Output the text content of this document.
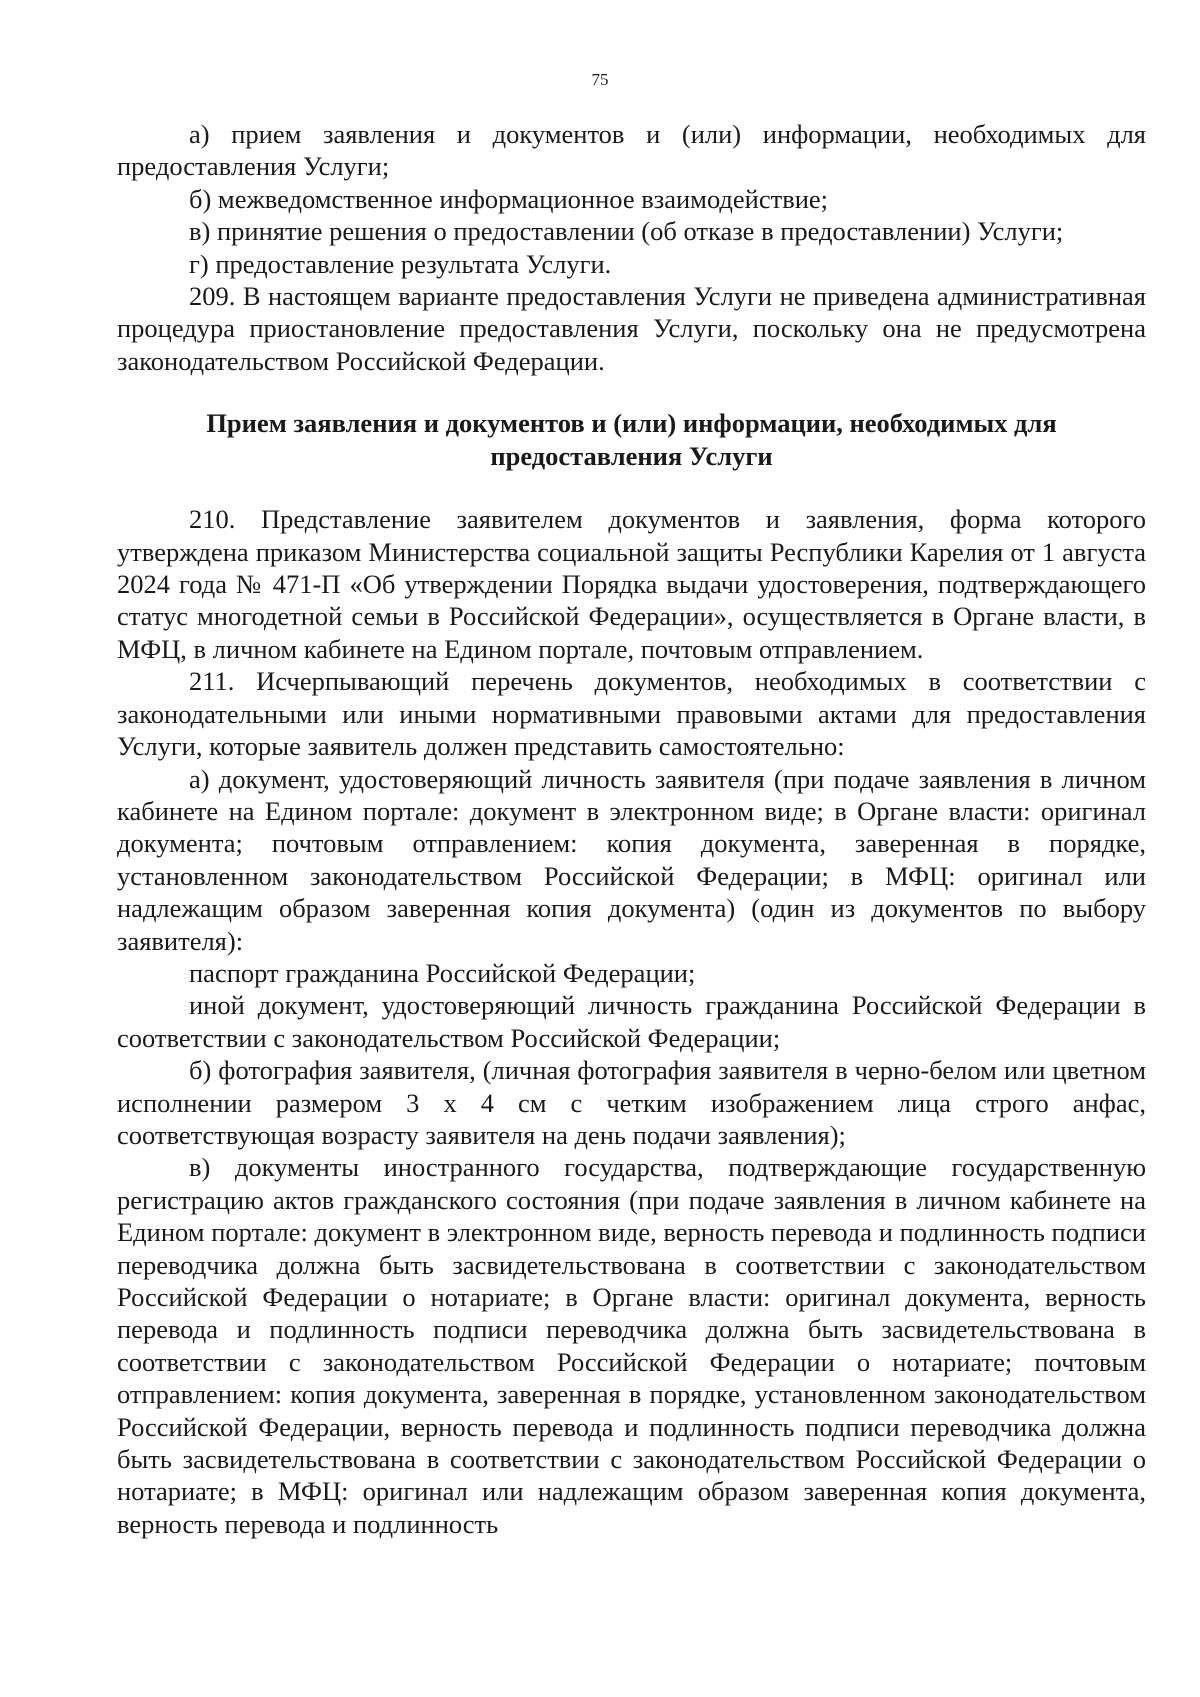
75

а) прием заявления и документов и (или) информации, необходимых для предоставления Услуги;

б) межведомственное информационное взаимодействие;

в) принятие решения о предоставлении (об отказе в предоставлении) Услуги;

г) предоставление результата Услуги.

209. В настоящем варианте предоставления Услуги не приведена административная процедура приостановление предоставления Услуги, поскольку она не предусмотрена законодательством Российской Федерации.

Прием заявления и документов и (или) информации, необходимых для предоставления Услуги

210. Представление заявителем документов и заявления, форма которого утверждена приказом Министерства социальной защиты Республики Карелия от 1 августа 2024 года № 471-П «Об утверждении Порядка выдачи удостоверения, подтверждающего статус многодетной семьи в Российской Федерации», осуществляется в Органе власти, в МФЦ, в личном кабинете на Едином портале, почтовым отправлением.

211. Исчерпывающий перечень документов, необходимых в соответствии с законодательными или иными нормативными правовыми актами для предоставления Услуги, которые заявитель должен представить самостоятельно:

а) документ, удостоверяющий личность заявителя (при подаче заявления в личном кабинете на Едином портале: документ в электронном виде; в Органе власти: оригинал документа; почтовым отправлением: копия документа, заверенная в порядке, установленном законодательством Российской Федерации; в МФЦ: оригинал или надлежащим образом заверенная копия документа) (один из документов по выбору заявителя):

паспорт гражданина Российской Федерации;

иной документ, удостоверяющий личность гражданина Российской Федерации в соответствии с законодательством Российской Федерации;

б) фотография заявителя, (личная фотография заявителя в черно-белом или цветном исполнении размером 3 х 4 см с четким изображением лица строго анфас, соответствующая возрасту заявителя на день подачи заявления);

в) документы иностранного государства, подтверждающие государственную регистрацию актов гражданского состояния (при подаче заявления в личном кабинете на Едином портале: документ в электронном виде, верность перевода и подлинность подписи переводчика должна быть засвидетельствована в соответствии с законодательством Российской Федерации о нотариате; в Органе власти: оригинал документа, верность перевода и подлинность подписи переводчика должна быть засвидетельствована в соответствии с законодательством Российской Федерации о нотариате; почтовым отправлением: копия документа, заверенная в порядке, установленном законодательством Российской Федерации, верность перевода и подлинность подписи переводчика должна быть засвидетельствована в соответствии с законодательством Российской Федерации о нотариате; в МФЦ: оригинал или надлежащим образом заверенная копия документа, верность перевода и подлинность
